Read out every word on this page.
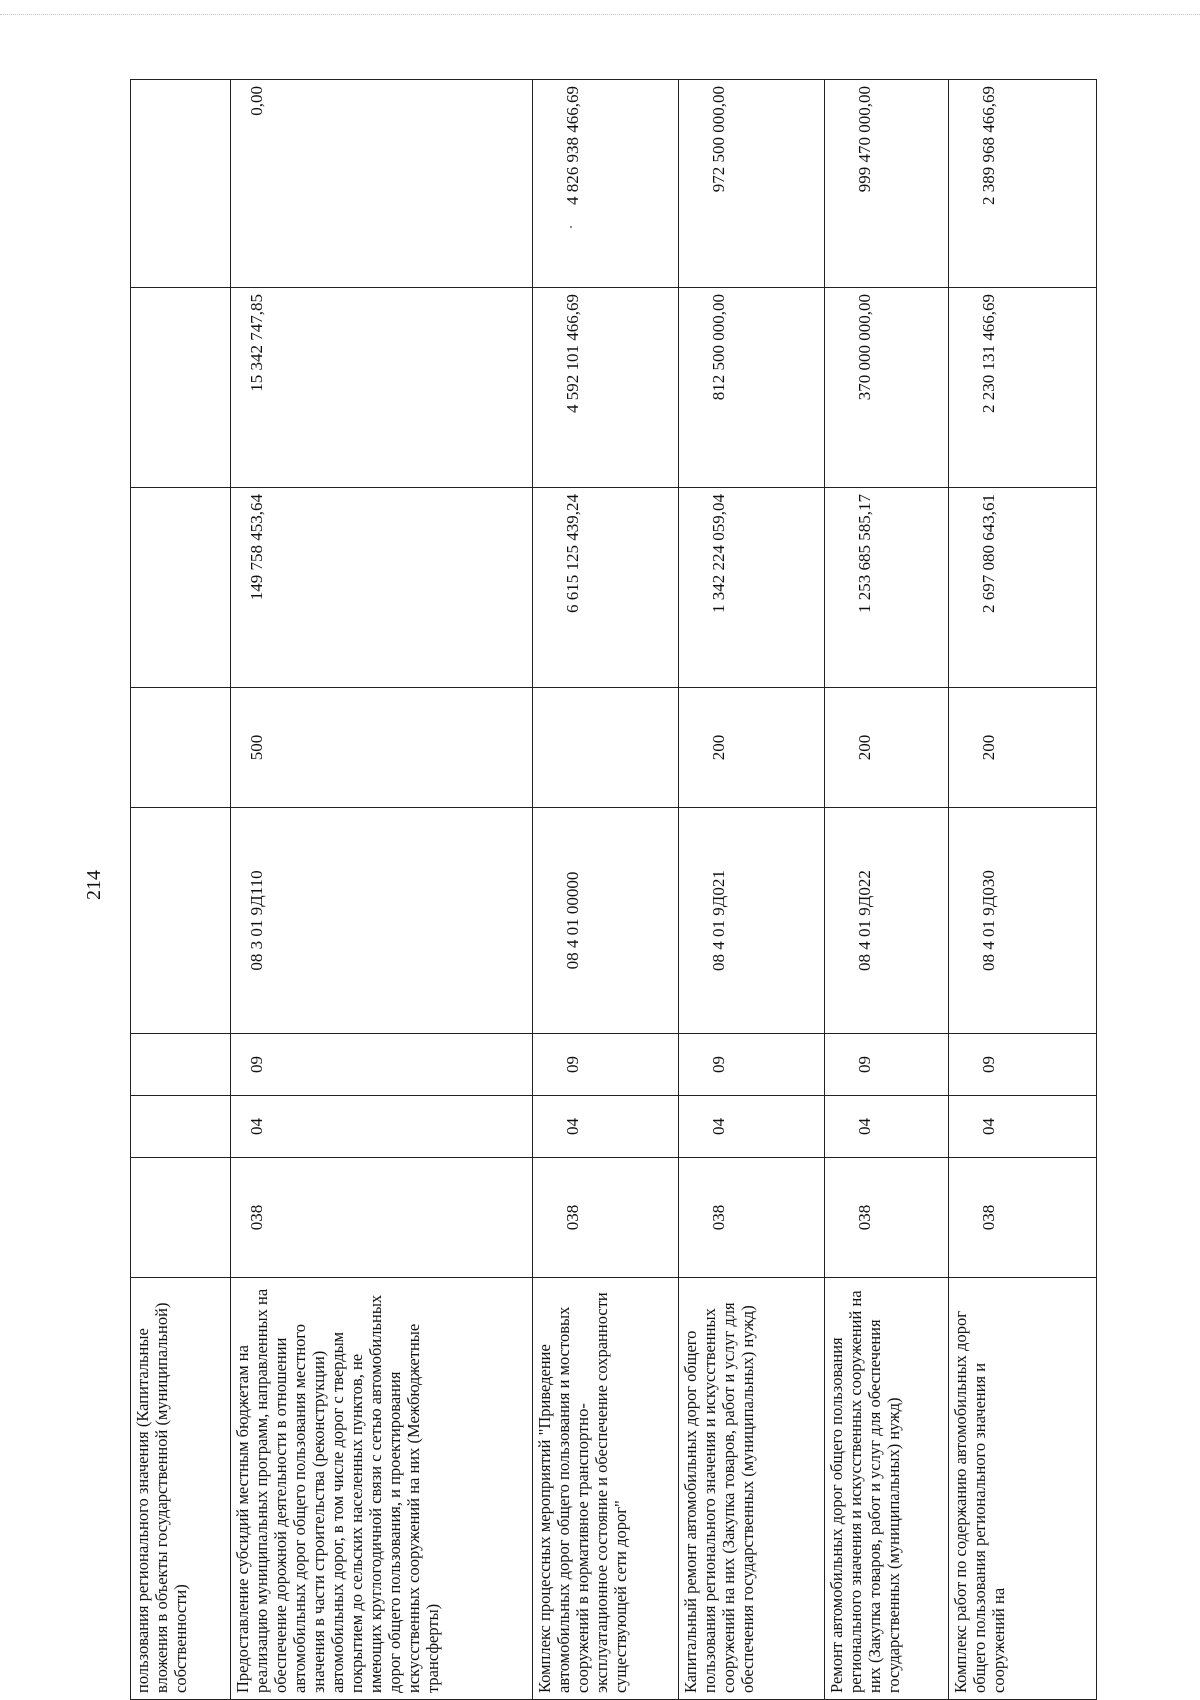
214
пользования регионального значения (Капитальные вложения в объекты государственной (муниципальной) собственности)								
Предоставление субсидий местным бюджетам на реализацию муниципальных программ, направленных на обеспечение дорожной деятельности в отношении автомобильных дорог общего пользования местного значения в части строительства (реконструкции) автомобильных дорог, в том числе дорог с твердым покрытием до сельских населенных пунктов, не имеющих круглогодичной связи с сетью автомобильных дорог общего пользования, и проектирования искусственных сооружений на них (Межбюджетные трансферты)	038	04	09	08 3 01 9Д110	500	149 758 453,64	15 342 747,85	0,00
Комплекс процессных мероприятий "Приведение автомобильных дорог общего пользования и мостовых сооружений в нормативное транспортно-эксплуатационное состояние и обеспечение сохранности существующей сети дорог"	038	04	09	08 4 01 00000		6 615 125 439,24	4 592 101 466,69	4 826 938 466,69
Капитальный ремонт автомобильных дорог общего пользования регионального значения и искусственных сооружений на них (Закупка товаров, работ и услуг для обеспечения государственных (муниципальных) нужд)	038	04	09	08 4 01 9Д021	200	1 342 224 059,04	812 500 000,00	972 500 000,00
Ремонт автомобильных дорог общего пользования регионального значения и искусственных сооружений на них (Закупка товаров, работ и услуг для обеспечения государственных (муниципальных) нужд)	038	04	09	08 4 01 9Д022	200	1 253 685 585,17	370 000 000,00	999 470 000,00
Комплекс работ по содержанию автомобильных дорог общего пользования регионального значения и сооружений на	038	04	09	08 4 01 9Д030	200	2 697 080 643,61	2 230 131 466,69	2 389 968 466,69
